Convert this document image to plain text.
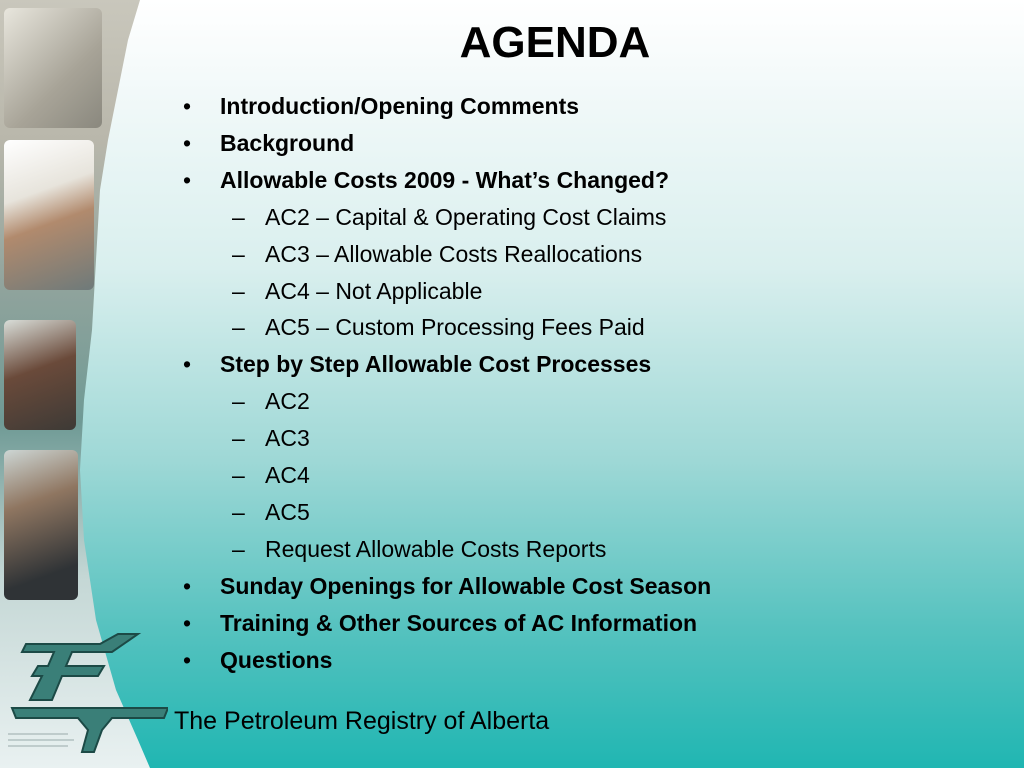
AGENDA
• Introduction/Opening Comments
• Background
• Allowable Costs 2009 - What’s Changed?
– AC2 – Capital & Operating Cost Claims
– AC3 – Allowable Costs Reallocations
– AC4 – Not Applicable
– AC5 – Custom Processing Fees Paid
• Step by Step Allowable Cost Processes
– AC2
– AC3
– AC4
– AC5
– Request Allowable Costs Reports
• Sunday Openings for Allowable Cost Season
• Training & Other Sources of AC Information
• Questions
The Petroleum Registry of Alberta
